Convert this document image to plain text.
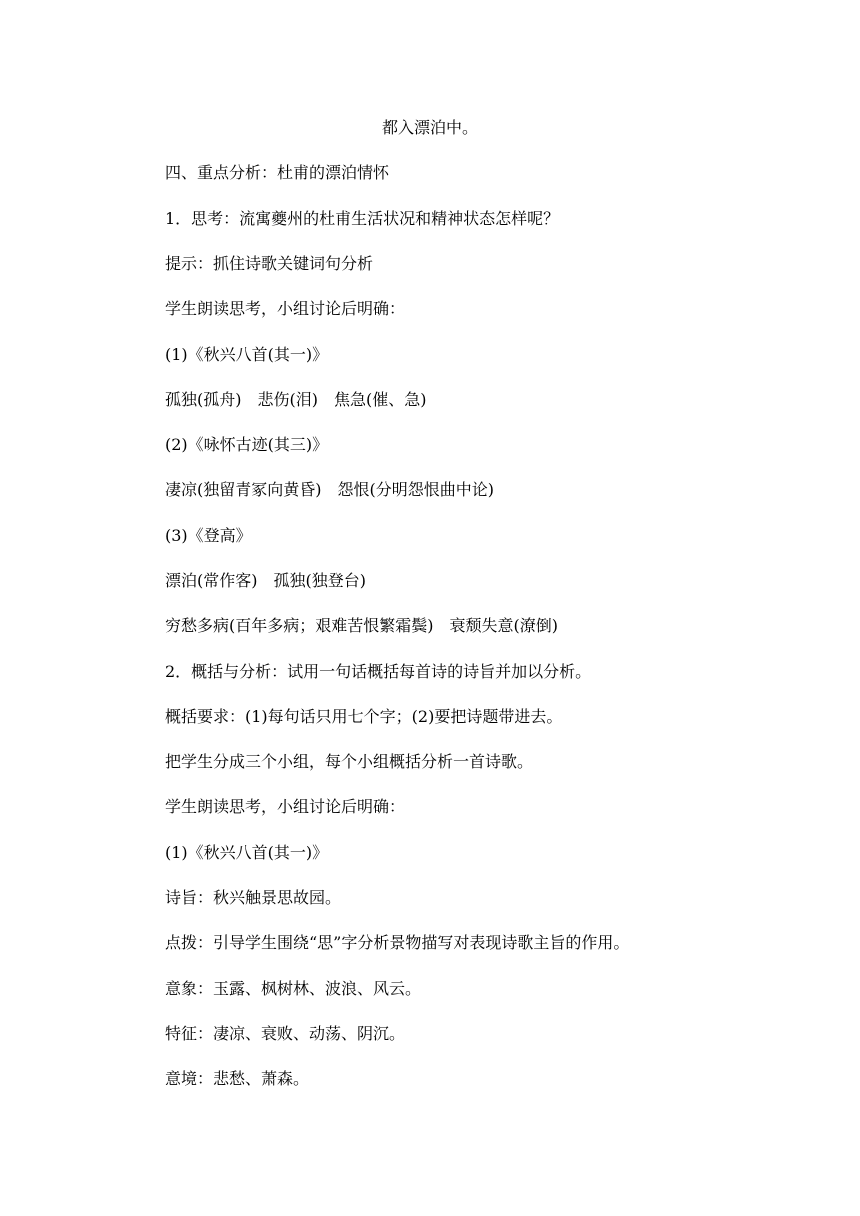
都入漂泊中。
四、重点分析：杜甫的漂泊情怀
1．思考：流寓夔州的杜甫生活状况和精神状态怎样呢？
提示：抓住诗歌关键词句分析
学生朗读思考，小组讨论后明确：
(1)《秋兴八首(其一)》
孤独(孤舟)　悲伤(泪)　焦急(催、急)
(2)《咏怀古迹(其三)》
凄凉(独留青冢向黄昏)　怨恨(分明怨恨曲中论)
(3)《登高》
漂泊(常作客)　孤独(独登台)
穷愁多病(百年多病；艰难苦恨繁霜鬓)　衰颓失意(潦倒)
2．概括与分析：试用一句话概括每首诗的诗旨并加以分析。
概括要求：(1)每句话只用七个字；(2)要把诗题带进去。
把学生分成三个小组，每个小组概括分析一首诗歌。
学生朗读思考，小组讨论后明确：
(1)《秋兴八首(其一)》
诗旨：秋兴触景思故园。
点拨：引导学生围绕“思”字分析景物描写对表现诗歌主旨的作用。
意象：玉露、枫树林、波浪、风云。
特征：凄凉、衰败、动荡、阴沉。
意境：悲愁、萧森。
